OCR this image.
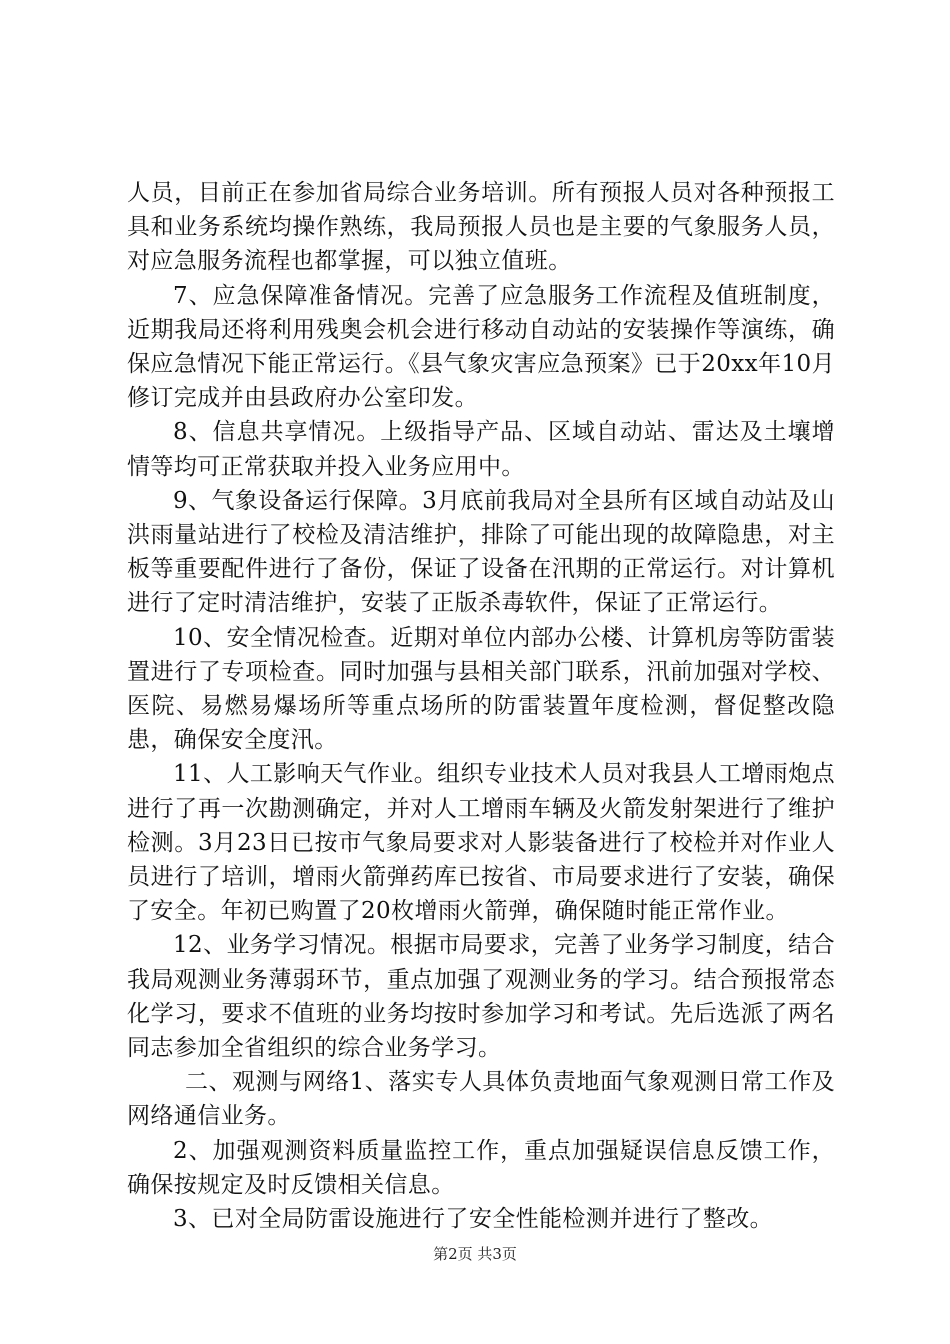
人员，目前正在参加省局综合业务培训。所有预报人员对各种预报工具和业务系统均操作熟练，我局预报人员也是主要的气象服务人员，对应急服务流程也都掌握，可以独立值班。

7、应急保障准备情况。完善了应急服务工作流程及值班制度，近期我局还将利用残奥会机会进行移动自动站的安装操作等演练，确保应急情况下能正常运行。《县气象灾害应急预案》已于20xx年10月修订完成并由县政府办公室印发。

8、信息共享情况。上级指导产品、区域自动站、雷达及土壤增情等均可正常获取并投入业务应用中。

9、气象设备运行保障。3月底前我局对全县所有区域自动站及山洪雨量站进行了校检及清洁维护，排除了可能出现的故障隐患，对主板等重要配件进行了备份，保证了设备在汛期的正常运行。对计算机进行了定时清洁维护，安装了正版杀毒软件，保证了正常运行。

10、安全情况检查。近期对单位内部办公楼、计算机房等防雷装置进行了专项检查。同时加强与县相关部门联系，汛前加强对学校、医院、易燃易爆场所等重点场所的防雷装置年度检测，督促整改隐患，确保安全度汛。

11、人工影响天气作业。组织专业技术人员对我县人工增雨炮点进行了再一次勘测确定，并对人工增雨车辆及火箭发射架进行了维护检测。3月23日已按市气象局要求对人影装备进行了校检并对作业人员进行了培训，增雨火箭弹药库已按省、市局要求进行了安装，确保了安全。年初已购置了20枚增雨火箭弹，确保随时能正常作业。

12、业务学习情况。根据市局要求，完善了业务学习制度，结合我局观测业务薄弱环节，重点加强了观测业务的学习。结合预报常态化学习，要求不值班的业务均按时参加学习和考试。先后选派了两名同志参加全省组织的综合业务学习。

二、观测与网络1、落实专人具体负责地面气象观测日常工作及网络通信业务。

2、加强观测资料质量监控工作，重点加强疑误信息反馈工作，确保按规定及时反馈相关信息。

3、已对全局防雷设施进行了安全性能检测并进行了整改。

第2页 共3页
